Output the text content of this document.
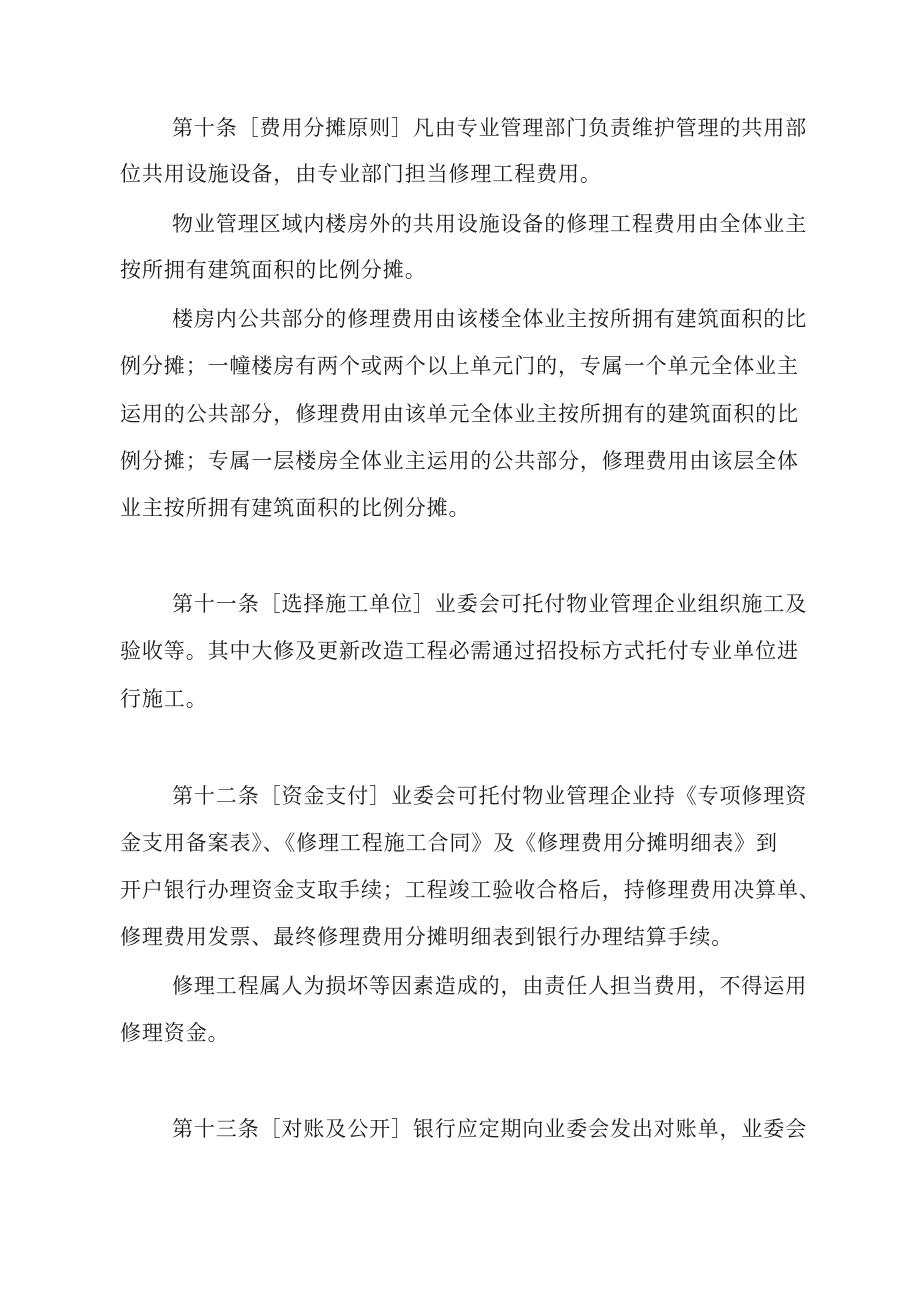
第十条［费用分摊原则］凡由专业管理部门负责维护管理的共用部
位共用设施设备，由专业部门担当修理工程费用。
物业管理区域内楼房外的共用设施设备的修理工程费用由全体业主
按所拥有建筑面积的比例分摊。
楼房内公共部分的修理费用由该楼全体业主按所拥有建筑面积的比
例分摊；一幢楼房有两个或两个以上单元门的，专属一个单元全体业主
运用的公共部分，修理费用由该单元全体业主按所拥有的建筑面积的比
例分摊；专属一层楼房全体业主运用的公共部分，修理费用由该层全体
业主按所拥有建筑面积的比例分摊。
第十一条［选择施工单位］业委会可托付物业管理企业组织施工及
验收等。其中大修及更新改造工程必需通过招投标方式托付专业单位进
行施工。
第十二条［资金支付］业委会可托付物业管理企业持《专项修理资
金支用备案表》、《修理工程施工合同》及《修理费用分摊明细表》到
开户银行办理资金支取手续；工程竣工验收合格后，持修理费用决算单、
修理费用发票、最终修理费用分摊明细表到银行办理结算手续。
修理工程属人为损坏等因素造成的，由责任人担当费用，不得运用
修理资金。
第十三条［对账及公开］银行应定期向业委会发出对账单，业委会
